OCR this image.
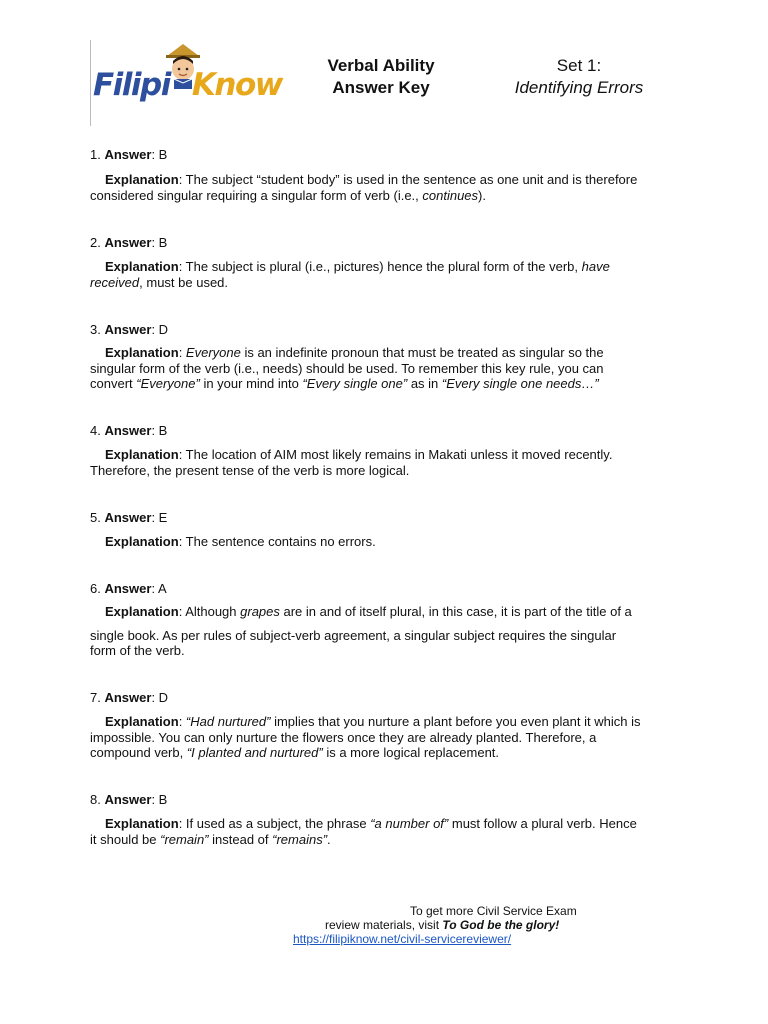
Filipi Know
Verbal Ability
Answer Key
Set 1:
Identifying Errors
1. Answer: B
Explanation: The subject “student body” is used in the sentence as one unit and is therefore
considered singular requiring a singular form of verb (i.e., continues).
2. Answer: B
Explanation: The subject is plural (i.e., pictures) hence the plural form of the verb, have
received, must be used.
3. Answer: D
Explanation: Everyone is an indefinite pronoun that must be treated as singular so the
singular form of the verb (i.e., needs) should be used. To remember this key rule, you can
convert “Everyone” in your mind into “Every single one” as in “Every single one needs…”
4. Answer: B
Explanation: The location of AIM most likely remains in Makati unless it moved recently.
Therefore, the present tense of the verb is more logical.
5. Answer: E
Explanation: The sentence contains no errors.
6. Answer: A
Explanation: Although grapes are in and of itself plural, in this case, it is part of the title of a
single book. As per rules of subject-verb agreement, a singular subject requires the singular
form of the verb.
7. Answer: D
Explanation: “Had nurtured” implies that you nurture a plant before you even plant it which is
impossible. You can only nurture the flowers once they are already planted. Therefore, a
compound verb, “I planted and nurtured” is a more logical replacement.
8. Answer: B
Explanation: If used as a subject, the phrase “a number of” must follow a plural verb. Hence
it should be “remain” instead of “remains”.
To get more Civil Service Exam
review materials, visit To God be the glory!
https://filipiknow.net/civil-servicereviewer/
